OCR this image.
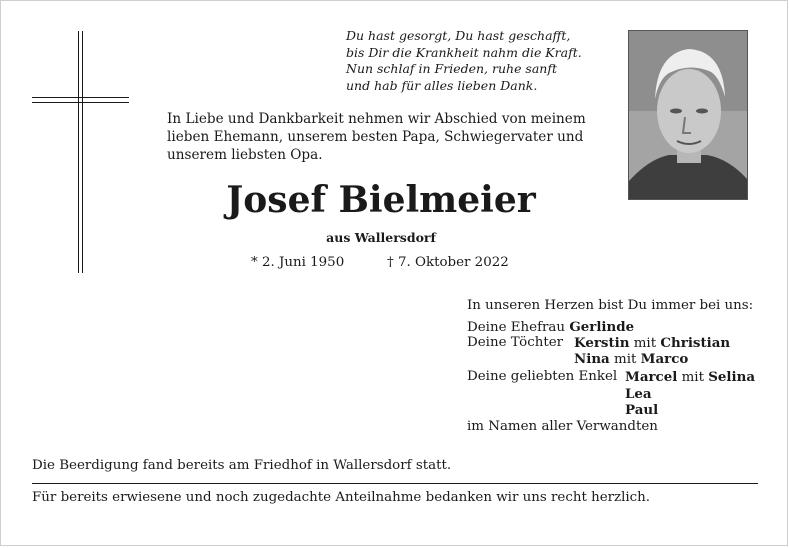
Du hast gesorgt, Du hast geschafft,
bis Dir die Krankheit nahm die Kraft.
Nun schlaf in Frieden, ruhe sanft
und hab für alles lieben Dank.
In Liebe und Dankbarkeit nehmen wir Abschied von meinem
lieben Ehemann, unserem besten Papa, Schwiegervater und
unserem liebsten Opa.
Josef Bielmeier
aus Wallersdorf
* 2. Juni 1950	† 7. Oktober 2022
In unseren Herzen bist Du immer bei uns:
Deine Ehefrau Gerlinde
Deine Töchter Kerstin mit Christian
Nina mit Marco
Deine geliebten Enkel Marcel mit Selina
Lea
Paul
im Namen aller Verwandten
Die Beerdigung fand bereits am Friedhof in Wallersdorf statt.
Für bereits erwiesene und noch zugedachte Anteilnahme bedanken wir uns recht herzlich.
